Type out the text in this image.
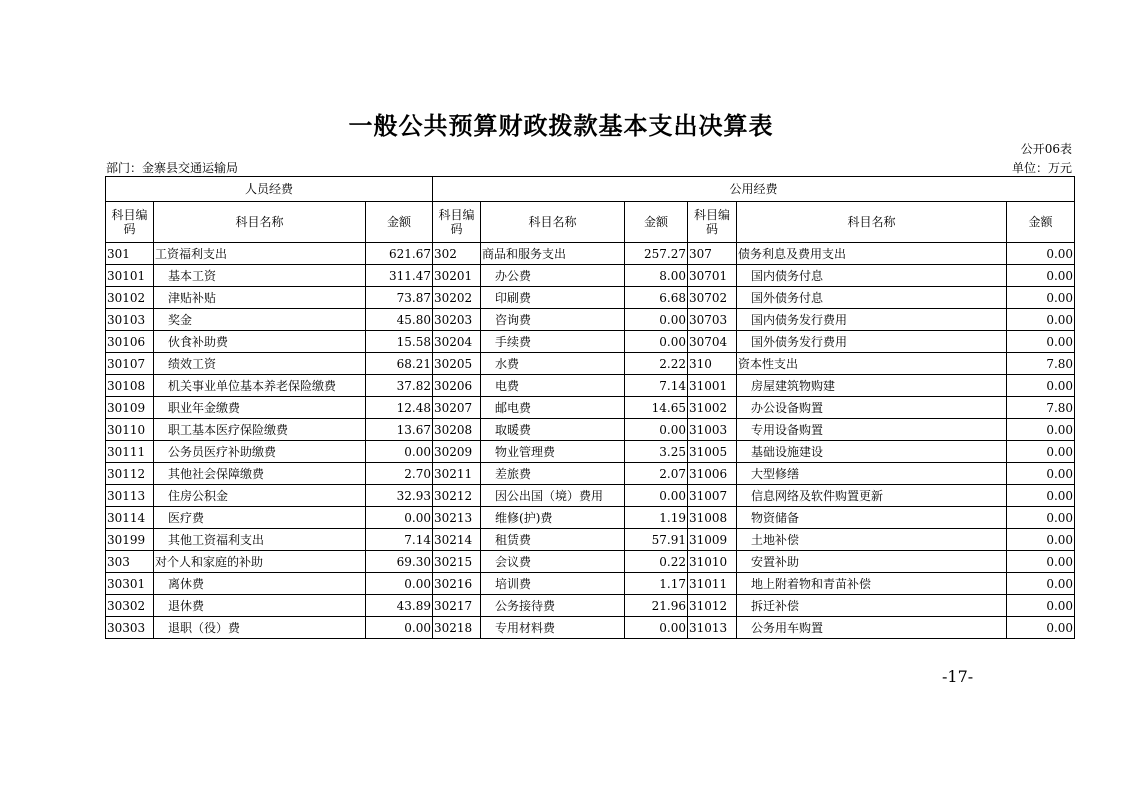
一般公共预算财政拨款基本支出决算表
公开06表
部门：金寨县交通运输局	单位：万元
人员经费			公用经费					
科目编码	科目名称	金额	科目编码	科目名称	金额	科目编码	科目名称	金额
301	工资福利支出	621.67	302	商品和服务支出	257.27	307	债务利息及费用支出	0.00
30101	基本工资	311.47	30201	办公费	8.00	30701	国内债务付息	0.00
30102	津贴补贴	73.87	30202	印刷费	6.68	30702	国外债务付息	0.00
30103	奖金	45.80	30203	咨询费	0.00	30703	国内债务发行费用	0.00
30106	伙食补助费	15.58	30204	手续费	0.00	30704	国外债务发行费用	0.00
30107	绩效工资	68.21	30205	水费	2.22	310	资本性支出	7.80
30108	机关事业单位基本养老保险缴费	37.82	30206	电费	7.14	31001	房屋建筑物购建	0.00
30109	职业年金缴费	12.48	30207	邮电费	14.65	31002	办公设备购置	7.80
30110	职工基本医疗保险缴费	13.67	30208	取暖费	0.00	31003	专用设备购置	0.00
30111	公务员医疗补助缴费	0.00	30209	物业管理费	3.25	31005	基础设施建设	0.00
30112	其他社会保障缴费	2.70	30211	差旅费	2.07	31006	大型修缮	0.00
30113	住房公积金	32.93	30212	因公出国（境）费用	0.00	31007	信息网络及软件购置更新	0.00
30114	医疗费	0.00	30213	维修(护)费	1.19	31008	物资储备	0.00
30199	其他工资福利支出	7.14	30214	租赁费	57.91	31009	土地补偿	0.00
303	对个人和家庭的补助	69.30	30215	会议费	0.22	31010	安置补助	0.00
30301	离休费	0.00	30216	培训费	1.17	31011	地上附着物和青苗补偿	0.00
30302	退休费	43.89	30217	公务接待费	21.96	31012	拆迁补偿	0.00
30303	退职（役）费	0.00	30218	专用材料费	0.00	31013	公务用车购置	0.00
-17-
